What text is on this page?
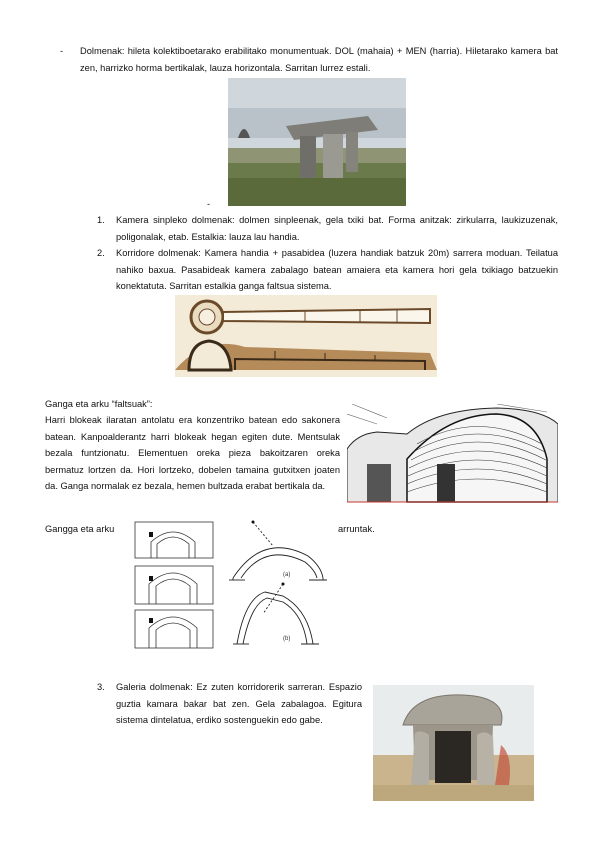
- Dolmenak: hileta kolektiboetarako erabilitako monumentuak. DOL (mahaia) + MEN (harria). Hiletarako kamera bat zen, harrizko horma bertikalak, lauza horizontala. Sarritan lurrez estali.
-
1. Kamera sinpleko dolmenak: dolmen sinpleenak, gela txiki bat. Forma anitzak: zirkularra, laukizuzenak, poligonalak, etab. Estalkia: lauza lau handia.
2. Korridore dolmenak: Kamera handia + pasabidea (luzera handiak batzuk 20m) sarrera moduan. Teilatua nahiko baxua. Pasabideak kamera zabalago batean amaiera eta kamera hori gela txikiago batzuekin konektatuta. Sarritan estalkia ganga faltsua sistema.
Ganga eta arku “faltsuak”:
Harri blokeak ilaratan antolatu era konzentriko batean edo sakonera batean. Kanpoalderantz harri blokeak hegan egiten dute. Mentsulak bezala funtzionatu. Elementuen oreka pieza bakoitzaren oreka bermatuz lortzen da. Hori lortzeko, dobelen tamaina gutxitxen joaten da. Ganga normalak ez bezala, hemen bultzada erabat bertikala da.
Gangga eta arku	arruntak.
(a)
(b)
3. Galeria dolmenak: Ez zuten korridorerik sarreran. Espazio guztia kamara bakar bat zen. Gela zabalagoa. Egitura sistema dintelatua, erdiko sostenguekin edo gabe.
